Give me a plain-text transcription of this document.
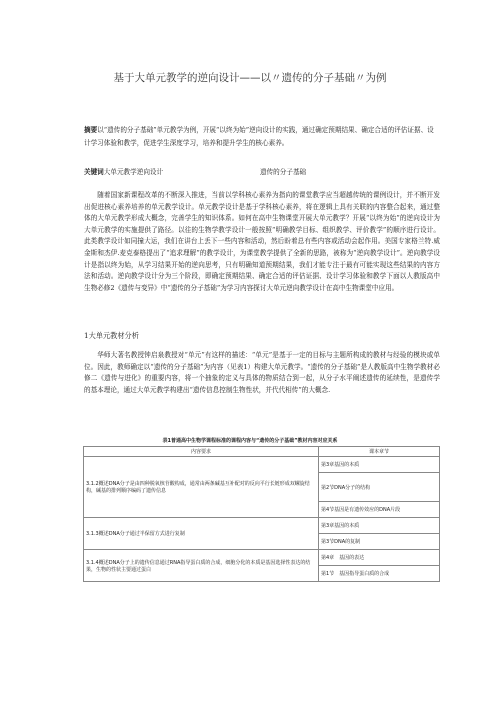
基于大单元教学的逆向设计——以〃遗传的分子基础〃为例
摘要以“遗传的分子基础”单元教学为例，开展“以终为始”逆向设计的实践，通过确定预期结果、确定合适的评估证据、设计学习体验和教学，促进学生深度学习，培养和提升学生的核心素养。
关键词大单元教学逆向设计	遗传的分子基础
随着国家新课程改革的不断深入推进，当前以学科核心素养为指向的课堂教学应当超越传统的课例设计，并不断开发出促进核心素养培养的单元教学设计。单元教学设计是基于学科核心素养，将在逻辑上具有关联的内容整合起来，通过整体的大单元教学形成大概念，完善学生的知识体系。如何在高中生物课堂开展大单元教学？开展“以终为始”的逆向设计为大单元教学的实施提供了路径。以往的生物学教学设计一般按照“明确教学目标、组织教学、评价教学”的顺序进行设计。此类教学设计如同撞大运，我们在讲台上丢下一些内容和活动，然后盼着总有些内容或活动会起作用。美国专家格兰特.威金斯和杰伊.麦克泰格提出了“追求理解”的教学设计，为课堂教学提供了全新的思路，被称为“逆向教学设计”。逆向教学设计是指以终为始，从学习结果开始的逆向思考，只有明确知道预期结果，我们才能专注于最有可能实现这些结果的内容方法和活动。逆向教学设计分为三个阶段，即确定预期结果、确定合适的评估证据、设计学习体验和教学下面以人教版高中生物必修2《遗传与变异》中“遗传的分子基础”为学习内容探讨大单元逆向教学设计在高中生物课堂中应用。
1大单元教材分析
华师大著名教授钟启泉教授对“单元”有这样的描述：“单元”是基于一定的目标与主题所构成的教材与经验的模块或单位。因此，教师确定以“遗传的分子基础”为内容（见表1）构建大单元教学。“遗传的分子基础”是人教版高中生物学教材必修二《遗传与进化》的重要内容，将一个抽象的定义与具体的物质结合到一起，从分子水平阐述遗传的延续性，是遗传学的基本理论，通过大单元教学构建出“遗传信息控制生物性状，并代代相传”的大概念.
表1普通高中生物学课程标准的课程内容与“遗传的分子基础”教材内容对应关系
内容要求	课本章节
3.1.2概述DNA分子是由四种脱氧核苷酸构成，通常由两条碱基互补配对的反向平行长链形成双螺旋结构，碱基的排列顺序编码了遗传信息	第3章基因的本质
	第2节DNA分子的结构
	第4节基因是有遗传效应的DNA片段
3.1.3概述DNA分子通过半保留方式进行复制	第3章基因的本质
	第3节DNA的复制
3.1.4概述DNA分子上的遗传信息通过RNA指导蛋白质的合成，细胞分化的本质是基因选择性表达的结果，生物的性状主要通过蛋白	第4章　基因的表达
	第1节　基因指导蛋白质的合成
